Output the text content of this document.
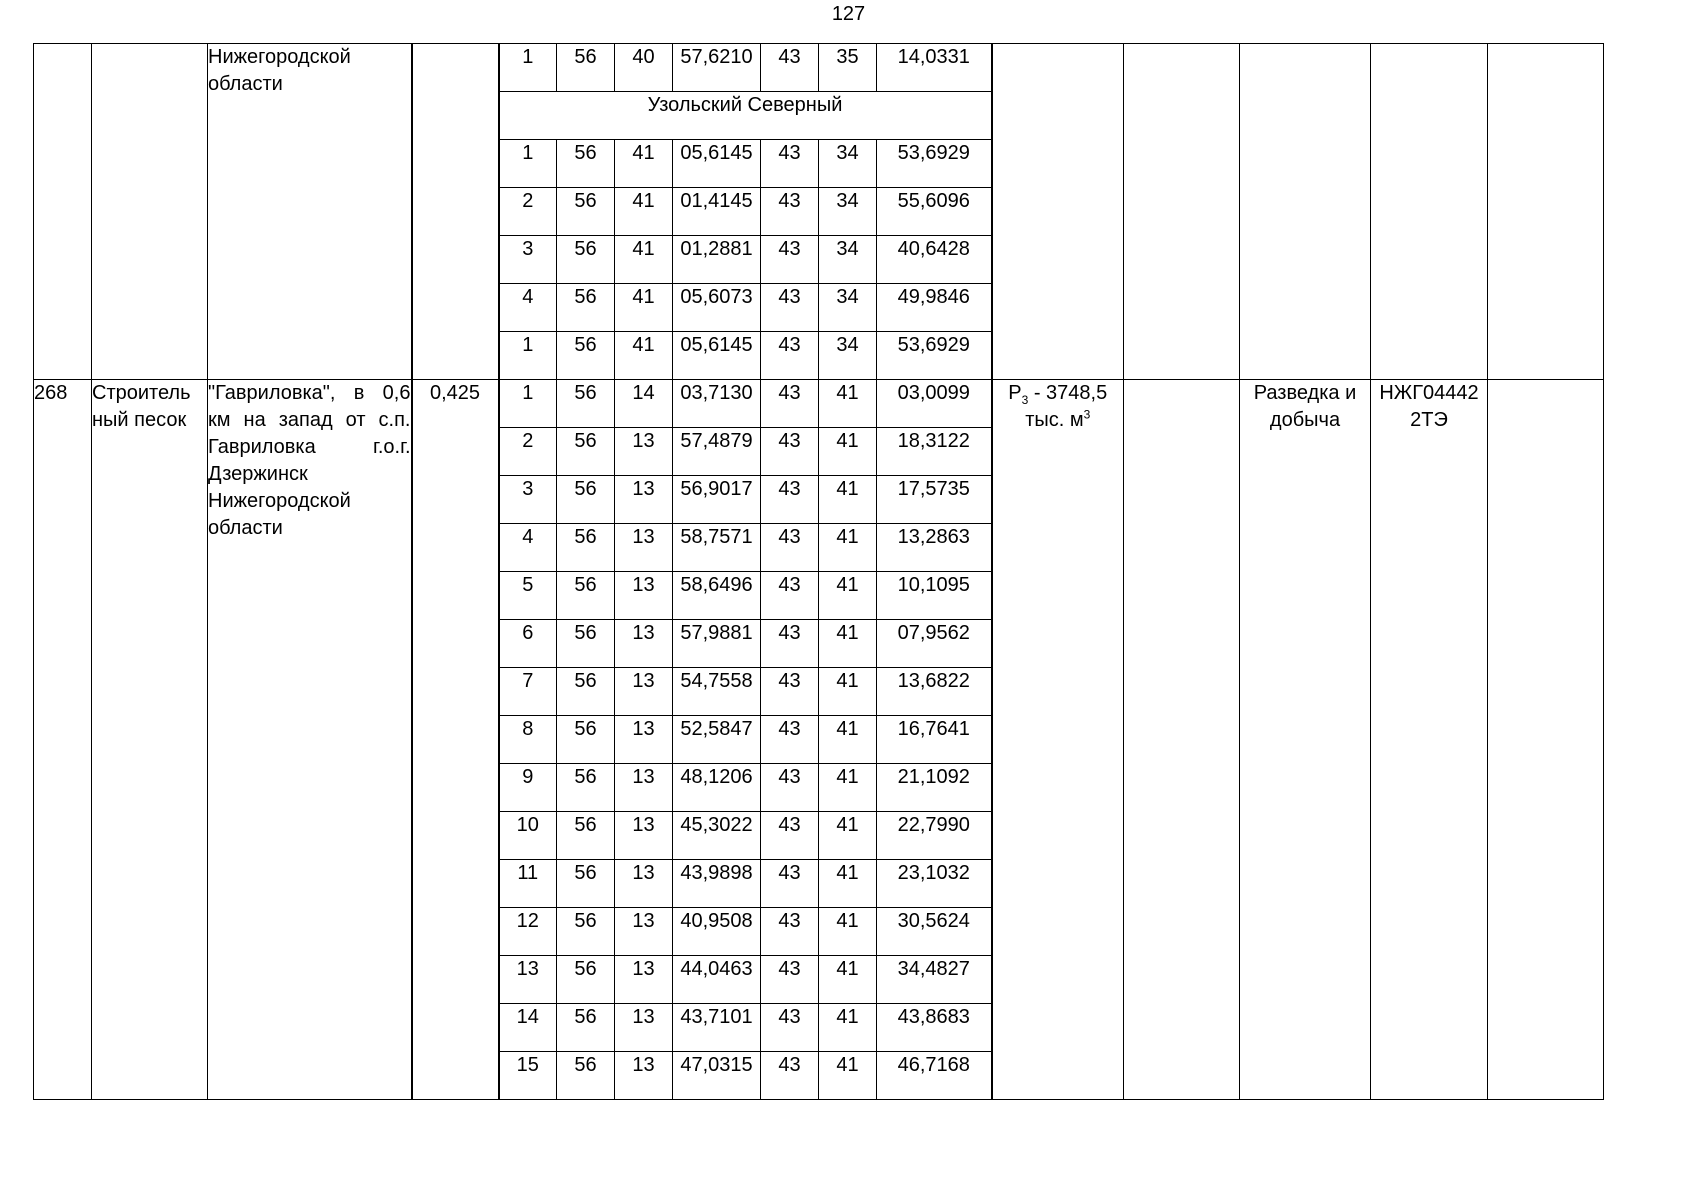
127

		Нижегородской
области		1	56	40	57,6210	43	35	14,0331					
				Узольский Северный											
				1	56	41	05,6145	43	34	53,6929					
				2	56	41	01,4145	43	34	55,6096					
				3	56	41	01,2881	43	34	40,6428					
				4	56	41	05,6073	43	34	49,9846					
				1	56	41	05,6145	43	34	53,6929					
268	Строитель ный песок	"Гавриловка", в 0,6 км на запад от с.п. Гавриловка г.о.г. Дзержинск Нижегородской области	0,425	1	56	14	03,7130	43	41	03,0099	$P_3 - 3748,5$ тыс. $м^3$		Разведка и добыча	НЖГ04442 2ТЭ	
				2	56	13	57,4879	43	41	18,3122					
				3	56	13	56,9017	43	41	17,5735					
				4	56	13	58,7571	43	41	13,2863					
				5	56	13	58,6496	43	41	10,1095					
				6	56	13	57,9881	43	41	07,9562					
				7	56	13	54,7558	43	41	13,6822					
				8	56	13	52,5847	43	41	16,7641					
				9	56	13	48,1206	43	41	21,1092					
				10	56	13	45,3022	43	41	22,7990					
				11	56	13	43,9898	43	41	23,1032					
				12	56	13	40,9508	43	41	30,5624					
				13	56	13	44,0463	43	41	34,4827					
				14	56	13	43,7101	43	41	43,8683					
				15	56	13	47,0315	43	41	46,7168					
